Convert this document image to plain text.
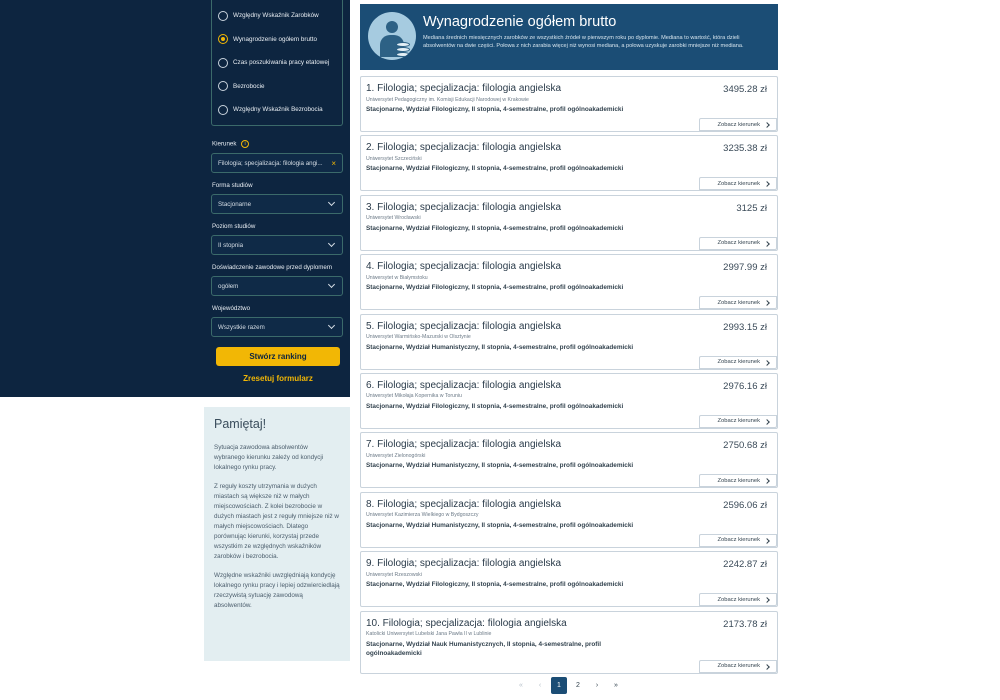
Względny Wskaźnik Zarobków
Wynagrodzenie ogółem brutto
Czas poszukiwania pracy etatowej
Bezrobocie
Względny Wskaźnik Bezrobocia
Kierunek i
Filologia; specjalizacja: filologia angi... ×
Forma studiów
Stacjonarne
Poziom studiów
II stopnia
Doświadczenie zawodowe przed dyplomem
ogółem
Województwo
Wszystkie razem
Stwórz ranking
Zresetuj formularz
Pamiętaj!

Sytuacja zawodowa absolwentów wybranego kierunku zależy od kondycji lokalnego rynku pracy.

Z reguły koszty utrzymania w dużych miastach są większe niż w małych miejscowościach. Z kolei bezrobocie w dużych miastach jest z reguły mniejsze niż w małych miejscowościach. Dlatego porównując kierunki, korzystaj przede wszystkim ze względnych wskaźników zarobków i bezrobocia.

Względne wskaźniki uwzględniają kondycję lokalnego rynku pracy i lepiej odzwierciedlają rzeczywistą sytuację zawodową absolwentów.

Wynagrodzenie ogółem brutto
Mediana średnich miesięcznych zarobków ze wszystkich źródeł w pierwszym roku po dyplomie. Mediana to wartość, która dzieli absolwentów na dwie części. Połowa z nich zarabia więcej niż wynosi mediana, a połowa uzyskuje zarobki mniejsze niż mediana.
1. Filologia; specjalizacja: filologia angielska	3495.28 zł
Uniwersytet Pedagogiczny im. Komisji Edukacji Narodowej w Krakowie
Stacjonarne, Wydział Filologiczny, II stopnia, 4-semestralne, profil ogólnoakademicki
Zobacz kierunek
2. Filologia; specjalizacja: filologia angielska	3235.38 zł
Uniwersytet Szczeciński
Stacjonarne, Wydział Filologiczny, II stopnia, 4-semestralne, profil ogólnoakademicki
Zobacz kierunek
3. Filologia; specjalizacja: filologia angielska	3125 zł
Uniwersytet Wrocławski
Stacjonarne, Wydział Filologiczny, II stopnia, 4-semestralne, profil ogólnoakademicki
Zobacz kierunek
4. Filologia; specjalizacja: filologia angielska	2997.99 zł
Uniwersytet w Białymstoku
Stacjonarne, Wydział Filologiczny, II stopnia, 4-semestralne, profil ogólnoakademicki
Zobacz kierunek
5. Filologia; specjalizacja: filologia angielska	2993.15 zł
Uniwersytet Warmińsko-Mazurski w Olsztynie
Stacjonarne, Wydział Humanistyczny, II stopnia, 4-semestralne, profil ogólnoakademicki
Zobacz kierunek
6. Filologia; specjalizacja: filologia angielska	2976.16 zł
Uniwersytet Mikołaja Kopernika w Toruniu
Stacjonarne, Wydział Filologiczny, II stopnia, 4-semestralne, profil ogólnoakademicki
Zobacz kierunek
7. Filologia; specjalizacja: filologia angielska	2750.68 zł
Uniwersytet Zielonogórski
Stacjonarne, Wydział Humanistyczny, II stopnia, 4-semestralne, profil ogólnoakademicki
Zobacz kierunek
8. Filologia; specjalizacja: filologia angielska	2596.06 zł
Uniwersytet Kazimierza Wielkiego w Bydgoszczy
Stacjonarne, Wydział Humanistyczny, II stopnia, 4-semestralne, profil ogólnoakademicki
Zobacz kierunek
9. Filologia; specjalizacja: filologia angielska	2242.87 zł
Uniwersytet Rzeszowski
Stacjonarne, Wydział Filologiczny, II stopnia, 4-semestralne, profil ogólnoakademicki
Zobacz kierunek
10. Filologia; specjalizacja: filologia angielska	2173.78 zł
Katolicki Uniwersytet Lubelski Jana Pawła II w Lublinie
Stacjonarne, Wydział Nauk Humanistycznych, II stopnia, 4-semestralne, profil ogólnoakademicki
Zobacz kierunek
«	‹	1	2	›	»
